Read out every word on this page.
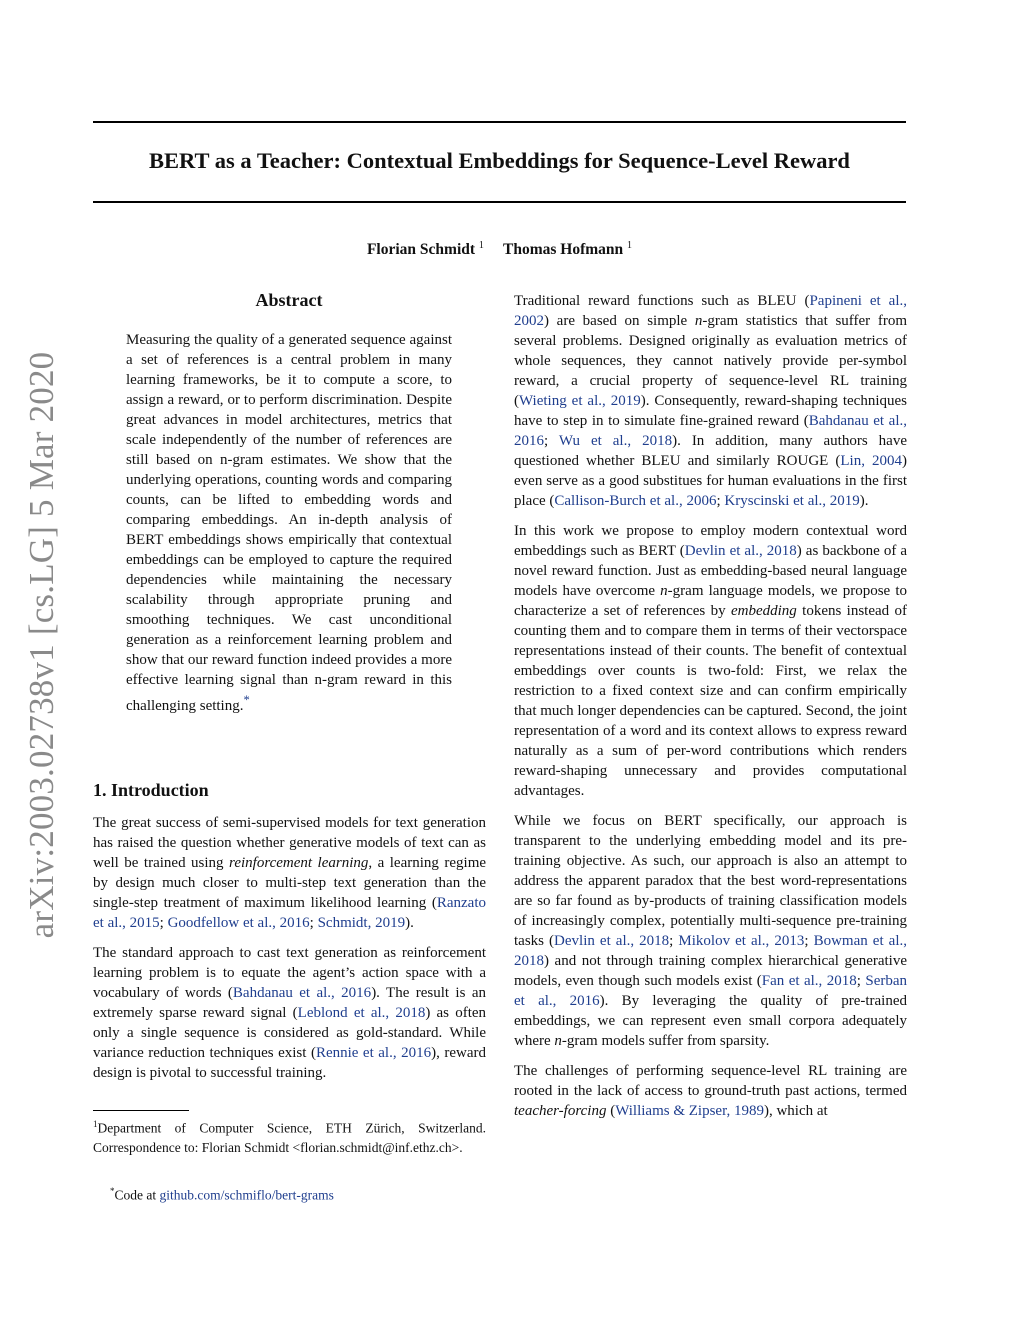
BERT as a Teacher: Contextual Embeddings for Sequence-Level Reward
Florian Schmidt $^1$ Thomas Hofmann $^1$
arXiv:2003.02738v1 [cs.LG] 5 Mar 2020
Abstract
Measuring the quality of a generated sequence against a set of references is a central problem in many learning frameworks, be it to compute a score, to assign a reward, or to perform discrimination. Despite great advances in model architectures, metrics that scale independently of the number of references are still based on n-gram estimates. We show that the underlying operations, counting words and comparing counts, can be lifted to embedding words and comparing embeddings. An in-depth analysis of BERT embeddings shows empirically that contextual embeddings can be employed to capture the required dependencies while maintaining the necessary scalability through appropriate pruning and smoothing techniques. We cast unconditional generation as a reinforcement learning problem and show that our reward function indeed provides a more effective learning signal than n-gram reward in this challenging setting.*
1. Introduction

The great success of semi-supervised models for text generation has raised the question whether generative models of text can as well be trained using reinforcement learning, a learning regime by design much closer to multi-step text generation than the single-step treatment of maximum likelihood learning (Ranzato et al., 2015; Goodfellow et al., 2016; Schmidt, 2019).

The standard approach to cast text generation as reinforcement learning problem is to equate the agent’s action space with a vocabulary of words (Bahdanau et al., 2016). The result is an extremely sparse reward signal (Leblond et al., 2018) as often only a single sequence is considered as gold-standard. While variance reduction techniques exist (Rennie et al., 2016), reward design is pivotal to successful training.

$^1$Department of Computer Science, ETH Zürich, Switzerland. Correspondence to: Florian Schmidt <florian.schmidt@inf.ethz.ch>.
*Code at github.com/schmiflo/bert-grams

Traditional reward functions such as BLEU (Papineni et al., 2002) are based on simple n-gram statistics that suffer from several problems. Designed originally as evaluation metrics of whole sequences, they cannot natively provide per-symbol reward, a crucial property of sequence-level RL training (Wieting et al., 2019). Consequently, reward-shaping techniques have to step in to simulate fine-grained reward (Bahdanau et al., 2016; Wu et al., 2018). In addition, many authors have questioned whether BLEU and similarly ROUGE (Lin, 2004) even serve as a good substitues for human evaluations in the first place (Callison-Burch et al., 2006; Kryscinski et al., 2019).

In this work we propose to employ modern contextual word embeddings such as BERT (Devlin et al., 2018) as backbone of a novel reward function. Just as embedding-based neural language models have overcome n-gram language models, we propose to characterize a set of references by embedding tokens instead of counting them and to compare them in terms of their vectorspace representations instead of their counts. The benefit of contextual embeddings over counts is two-fold: First, we relax the restriction to a fixed context size and can confirm empirically that much longer dependencies can be captured. Second, the joint representation of a word and its context allows to express reward naturally as a sum of per-word contributions which renders reward-shaping unnecessary and provides computational advantages.

While we focus on BERT specifically, our approach is transparent to the underlying embedding model and its pre-training objective. As such, our approach is also an attempt to address the apparent paradox that the best word-representations are so far found as by-products of training classification models of increasingly complex, potentially multi-sequence pre-training tasks (Devlin et al., 2018; Mikolov et al., 2013; Bowman et al., 2018) and not through training complex hierarchical generative models, even though such models exist (Fan et al., 2018; Serban et al., 2016). By leveraging the quality of pre-trained embeddings, we can represent even small corpora adequately where n-gram models suffer from sparsity.

The challenges of performing sequence-level RL training are rooted in the lack of access to ground-truth past actions, termed teacher-forcing (Williams & Zipser, 1989), which at
